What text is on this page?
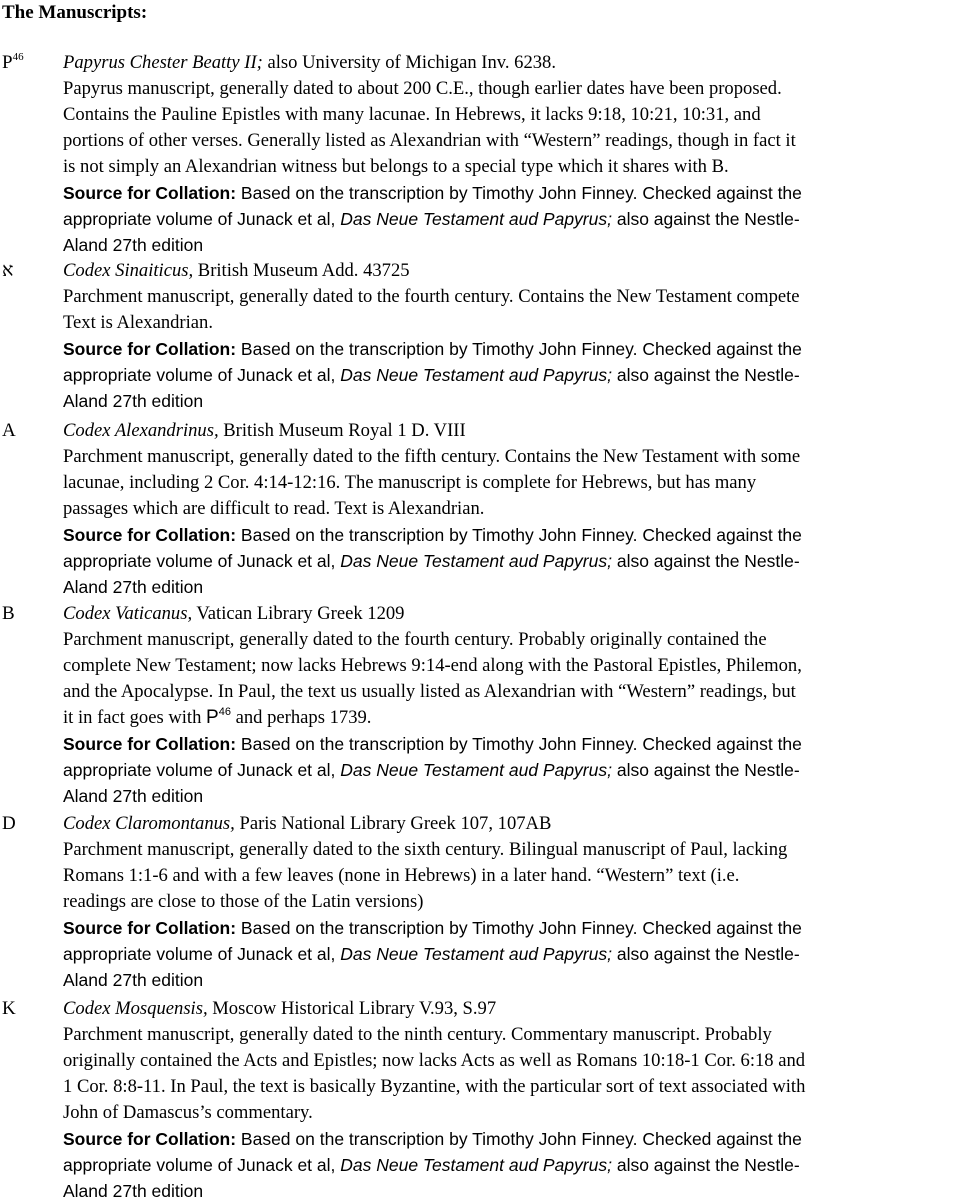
The Manuscripts:
$P^{46}$ Papyrus Chester Beatty II; also University of Michigan Inv. 6238.
Papyrus manuscript, generally dated to about 200 C.E., though earlier dates have been proposed.
Contains the Pauline Epistles with many lacunae. In Hebrews, it lacks 9:18, 10:21, 10:31, and
portions of other verses. Generally listed as Alexandrian with “Western” readings, though in fact it
is not simply an Alexandrian witness but belongs to a special type which it shares with B.
Source for Collation: Based on the transcription by Timothy John Finney. Checked against the
appropriate volume of Junack et al, Das Neue Testament aud Papyrus; also against the Nestle-
Aland 27th edition
א	Codex Sinaiticus, British Museum Add. 43725
Parchment manuscript, generally dated to the fourth century. Contains the New Testament compete
Text is Alexandrian.
Source for Collation: Based on the transcription by Timothy John Finney. Checked against the
appropriate volume of Junack et al, Das Neue Testament aud Papyrus; also against the Nestle-
Aland 27th edition
A	Codex Alexandrinus, British Museum Royal 1 D. VIII
Parchment manuscript, generally dated to the fifth century. Contains the New Testament with some
lacunae, including 2 Cor. 4:14-12:16. The manuscript is complete for Hebrews, but has many
passages which are difficult to read. Text is Alexandrian.
Source for Collation: Based on the transcription by Timothy John Finney. Checked against the
appropriate volume of Junack et al, Das Neue Testament aud Papyrus; also against the Nestle-
Aland 27th edition
B	Codex Vaticanus, Vatican Library Greek 1209
Parchment manuscript, generally dated to the fourth century. Probably originally contained the
complete New Testament; now lacks Hebrews 9:14-end along with the Pastoral Epistles, Philemon,
and the Apocalypse. In Paul, the text us usually listed as Alexandrian with “Western” readings, but
it in fact goes with $P^{46}$ and perhaps 1739.
Source for Collation: Based on the transcription by Timothy John Finney. Checked against the
appropriate volume of Junack et al, Das Neue Testament aud Papyrus; also against the Nestle-
Aland 27th edition
D	Codex Claromontanus, Paris National Library Greek 107, 107AB
Parchment manuscript, generally dated to the sixth century. Bilingual manuscript of Paul, lacking
Romans 1:1-6 and with a few leaves (none in Hebrews) in a later hand. “Western” text (i.e.
readings are close to those of the Latin versions)
Source for Collation: Based on the transcription by Timothy John Finney. Checked against the
appropriate volume of Junack et al, Das Neue Testament aud Papyrus; also against the Nestle-
Aland 27th edition
K	Codex Mosquensis, Moscow Historical Library V.93, S.97
Parchment manuscript, generally dated to the ninth century. Commentary manuscript. Probably
originally contained the Acts and Epistles; now lacks Acts as well as Romans 10:18-1 Cor. 6:18 and
1 Cor. 8:8-11. In Paul, the text is basically Byzantine, with the particular sort of text associated with
John of Damascus’s commentary.
Source for Collation: Based on the transcription by Timothy John Finney. Checked against the
appropriate volume of Junack et al, Das Neue Testament aud Papyrus; also against the Nestle-
Aland 27th edition
